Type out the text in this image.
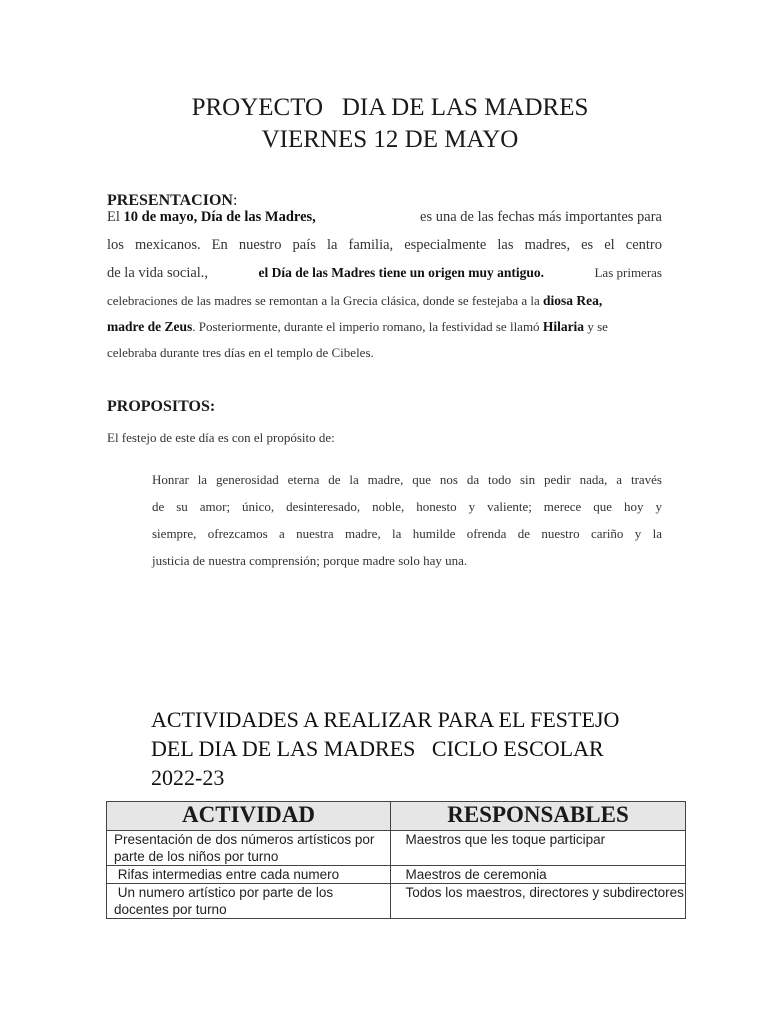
PROYECTO   DIA DE LAS MADRES
VIERNES 12 DE MAYO
PRESENTACION:
El 10 de mayo, Día de las Madres,	es una de las fechas más importantes para
los mexicanos. En nuestro país la familia, especialmente las madres, es el centro
de la vida social.,	el Día de las Madres tiene un origen muy antiguo.	Las primeras
celebraciones de las madres se remontan a la Grecia clásica, donde se festejaba a la diosa Rea,
madre de Zeus. Posteriormente, durante el imperio romano, la festividad se llamó Hilaria y se
celebraba durante tres días en el templo de Cibeles.
PROPOSITOS:
El festejo de este día es con el propósito de:
Honrar la generosidad eterna de la madre, que nos da todo sin pedir nada, a través
de su amor; único, desinteresado, noble, honesto y valiente; merece que hoy y
siempre, ofrezcamos a nuestra madre, la humilde ofrenda de nuestro cariño y la
justicia de nuestra comprensión; porque madre solo hay una.
ACTIVIDADES A REALIZAR PARA EL FESTEJO
DEL DIA DE LAS MADRES   CICLO ESCOLAR
2022-23
ACTIVIDAD	RESPONSABLES
Presentación de dos números artísticos por parte de los niños por turno	Maestros que les toque participar
Rifas intermedias entre cada numero	Maestros de ceremonia
Un numero artístico por parte de los docentes por turno	Todos los maestros, directores y subdirectores
